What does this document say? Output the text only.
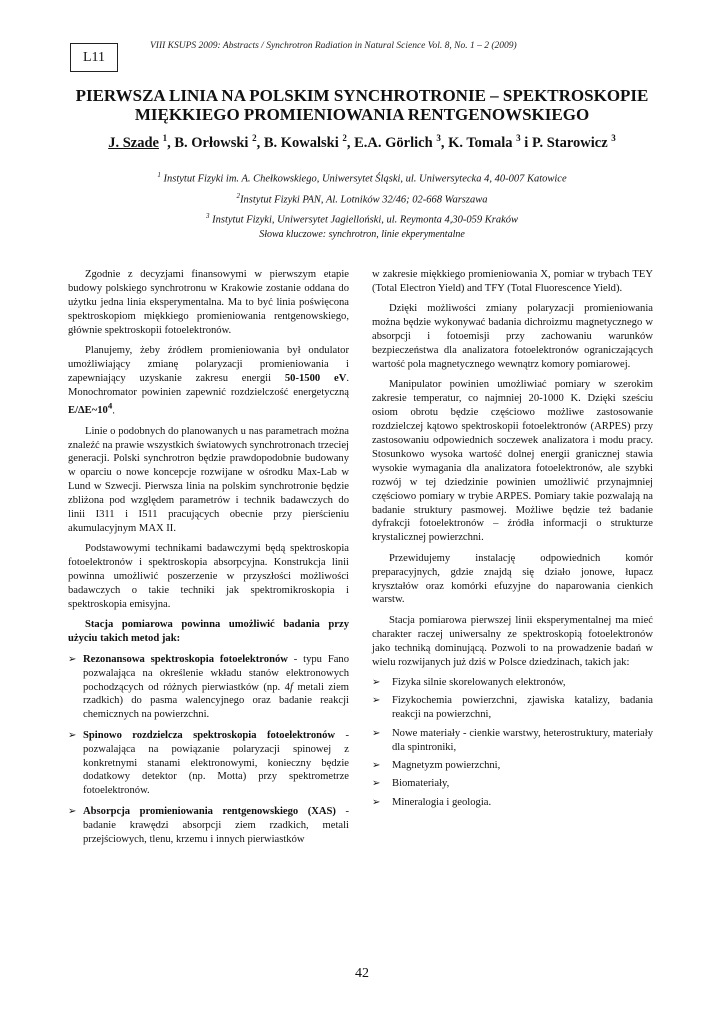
L11
VIII KSUPS 2009: Abstracts / Synchrotron Radiation in Natural Science Vol. 8, No. 1 – 2 (2009)
PIERWSZA LINIA NA POLSKIM SYNCHROTRONIE – SPEKTROSKOPIE MIĘKKIEGO PROMIENIOWANIA RENTGENOWSKIEGO
J. Szade $^1$, B. Orłowski $^2$, B. Kowalski $^2$, E.A. Görlich $^3$, K. Tomala $^3$ i P. Starowicz $^3$
$^1$ Instytut Fizyki im. A. Chełkowskiego, Uniwersytet Śląski, ul. Uniwersytecka 4, 40-007 Katowice
$^2$Instytut Fizyki PAN, Al. Lotników 32/46; 02-668 Warszawa
$^3$ Instytut Fizyki, Uniwersytet Jagielloński, ul. Reymonta 4,30-059 Kraków
Słowa kluczowe: synchrotron, linie ekperymentalne

Zgodnie z decyzjami finansowymi w pierwszym etapie budowy polskiego synchrotronu w Krakowie zostanie oddana do użytku jedna linia eksperymentalna. Ma to być linia poświęcona spektroskopiom miękkiego promieniowania rentgenowskiego, głównie spektroskopii fotoelektronów.

Planujemy, żeby źródłem promieniowania był ondulator umożliwiający zmianę polaryzacji promieniowania i zapewniający uzyskanie zakresu energii 50-1500 eV. Monochromator powinien zapewnić rozdzielczość energetyczną $E/\Delta E\sim 10^4$.

Linie o podobnych do planowanych u nas parametrach można znaleźć na prawie wszystkich światowych synchrotronach trzeciej generacji. Polski synchrotron będzie prawdopodobnie budowany w oparciu o nowe koncepcje rozwijane w ośrodku Max-Lab w Lund w Szwecji. Pierwsza linia na polskim synchrotronie będzie zbliżona pod względem parametrów i technik badawczych do linii I311 i I511 pracujących obecnie przy pierścieniu akumulacyjnym MAX II.

Podstawowymi technikami badawczymi będą spektroskopia fotoelektronów i spektroskopia absorpcyjna. Konstrukcja linii powinna umożliwić poszerzenie w przyszłości możliwości badawczych o takie techniki jak spektromikroskopia i spektroskopia emisyjna.

Stacja pomiarowa powinna umożliwić badania przy użyciu takich metod jak:

➢ Rezonansowa spektroskopia fotoelektronów - typu Fano pozwalająca na określenie wkładu stanów elektronowych pochodzących od różnych pierwiastków (np. 4f metali ziem rzadkich) do pasma walencyjnego oraz badanie reakcji chemicznych na powierzchni.
➢ Spinowo rozdzielcza spektroskopia fotoelektronów - pozwalająca na powiązanie polaryzacji spinowej z konkretnymi stanami elektronowymi, konieczny będzie dodatkowy detektor (np. Motta) przy spektrometrze fotoelektronów.
➢ Absorpcja promieniowania rentgenowskiego (XAS) - badanie krawędzi absorpcji ziem rzadkich, metali przejściowych, tlenu, krzemu i innych pierwiastków

w zakresie miękkiego promieniowania X, pomiar w trybach TEY (Total Electron Yield) and TFY (Total Fluorescence Yield).

Dzięki możliwości zmiany polaryzacji promieniowania można będzie wykonywać badania dichroizmu magnetycznego w absorpcji i fotoemisji przy zachowaniu warunków bezpieczeństwa dla analizatora fotoelektronów ograniczających wartość pola magnetycznego wewnątrz komory pomiarowej.

Manipulator powinien umożliwiać pomiary w szerokim zakresie temperatur, co najmniej 20-1000 K. Dzięki sześciu osiom obrotu będzie częściowo możliwe zastosowanie rozdzielczej kątowo spektroskopii fotoelektronów (ARPES) przy zastosowaniu odpowiednich soczewek analizatora i modu pracy. Stosunkowo wysoka wartość dolnej energii granicznej stawia wysokie wymagania dla analizatora fotoelektronów, ale szybki rozwój w tej dziedzinie powinien umożliwić przynajmniej częściowo pomiary w trybie ARPES. Pomiary takie pozwalają na badanie struktury pasmowej. Możliwe będzie też badanie dyfrakcji fotoelektronów – źródła informacji o strukturze krystalicznej powierzchni.

Przewidujemy instalację odpowiednich komór preparacyjnych, gdzie znajdą się działo jonowe, łupacz kryształów oraz komórki efuzyjne do naparowania cienkich warstw.

Stacja pomiarowa pierwszej linii eksperymentalnej ma mieć charakter raczej uniwersalny ze spektroskopią fotoelektronów jako techniką dominującą. Pozwoli to na prowadzenie badań w wielu rozwijanych już dziś w Polsce dziedzinach, takich jak:

➢	Fizyka silnie skorelowanych elektronów,
➢	Fizykochemia powierzchni, zjawiska katalizy, badania reakcji na powierzchni,
➢	Nowe materiały - cienkie warstwy, heterostruktury, materiały dla spintroniki,
➢	Magnetyzm powierzchni,
➢	Biomateriały,
➢	Mineralogia i geologia.
42
